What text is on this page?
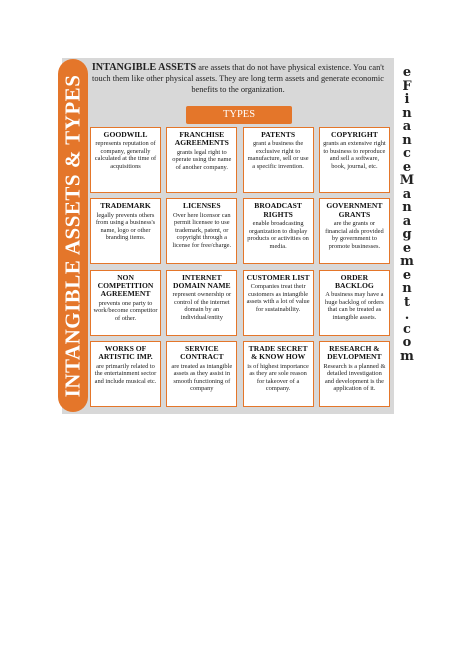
INTANGIBLE ASSETS & TYPES
INTANGIBLE ASSETS are assets that do not have physical existence. You can't touch them like other physical assets. They are long term assets and generate economic benefits to the organization.
TYPES
GOODWILL
represents reputation of company, generally calculated at the time of acquisitions
FRANCHISE AGREEMENTS
grants legal right to operate using the name of another company.
PATENTS
grant a business the exclusive right to manufacture, sell or use a specific invention.
COPYRIGHT
grants an extensive right to business to reproduce and sell a software, book, journal, etc.
TRADEMARK
legally prevents others from using a business's name, logo or other branding items.
LICENSES
Over here licensor can permit licensee to use trademark, patent, or copyright through a license for free/charge.
BROADCAST RIGHTS
enable broadcasting organization to display products or activities on media.
GOVERNMENT GRANTS
are the grants or financial aids provided by government to promote businesses.
NON COMPETITION AGREEMENT
prevents one party to work/become competitor of other.
INTERNET DOMAIN NAME
represent ownership or control of the internet domain by an individual/entity
CUSTOMER LIST
Companies treat their customers as intangible assets with a lot of value for sustainability.
ORDER BACKLOG
A business may have a huge backlog of orders that can be treated as intangible assets.
WORKS OF ARTISTIC IMP.
are primarily related to the entertainment sector and include musical etc.
SERVICE CONTRACT
are treated as intangible assets as they assist in smooth functioning of company
TRADE SECRET & KNOW HOW
is of highest importance as they are sole reason for takeover of a company.
RESEARCH & DEVLOPMENT
Research is a planned & detailed investigation and development is the application of it.
e
F
i
n
a
n
c
e
M
a
n
a
g
e
m
e
n
t
.
c
o
m
